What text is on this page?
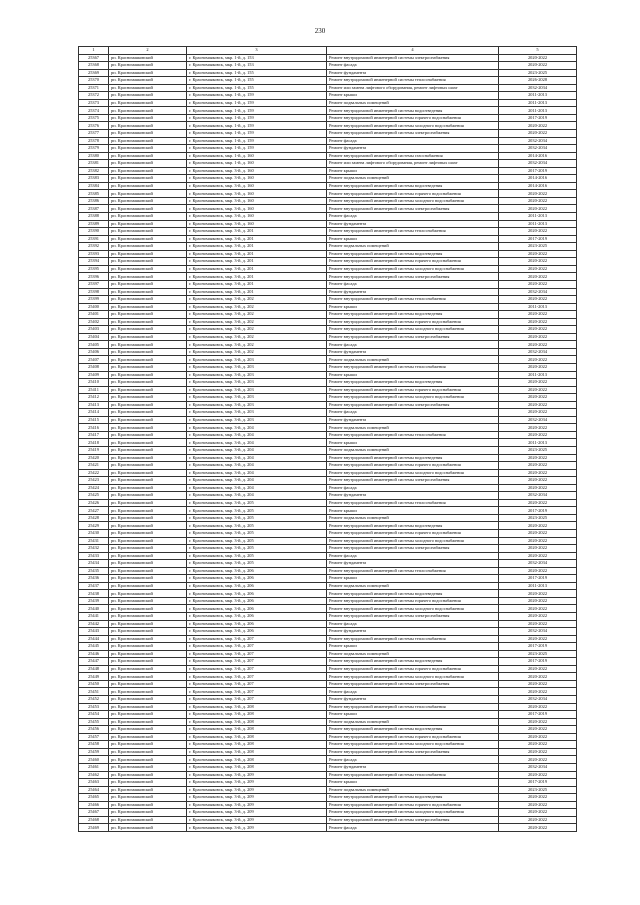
230
1	2	3	4	5
25367	рп. Красномаяковский	г. Красномаяковск, мкр. 1-й, д. 153	Ремонт внутридомовой инженерной системы электроснабжения	2020-2022
25368	рп. Красномаяковский	г. Красномаяковск, мкр. 1-й, д. 153	Ремонт фасада	2020-2022
25369	рп. Красномаяковский	г. Красномаяковск, мкр. 1-й, д. 155	Ремонт фундамента	2023-2025
25370	рп. Красномаяковский	г. Красномаяковск, мкр. 1-й, д. 155	Ремонт внутридомовой инженерной системы теплоснабжения	2026-2028
25371	рп. Красномаяковский	г. Красномаяковск, мкр. 1-й, д. 155	Ремонт или замена лифтового оборудования, ремонт лифтовых шахт	2032-2034
25372	рп. Красномаяковский	г. Красномаяковск, мкр. 1-й, д. 159	Ремонт крыши	2011-2013
25373	рп. Красномаяковский	г. Красномаяковск, мкр. 1-й, д. 159	Ремонт подвальных помещений	2011-2013
25374	рп. Красномаяковский	г. Красномаяковск, мкр. 1-й, д. 159	Ремонт внутридомовой инженерной системы водоотведения	2011-2013
25375	рп. Красномаяковский	г. Красномаяковск, мкр. 1-й, д. 159	Ремонт внутридомовой инженерной системы горячего водоснабжения	2017-2019
25376	рп. Красномаяковский	г. Красномаяковск, мкр. 1-й, д. 159	Ремонт внутридомовой инженерной системы холодного водоснабжения	2020-2022
25377	рп. Красномаяковский	г. Красномаяковск, мкр. 1-й, д. 159	Ремонт внутридомовой инженерной системы электроснабжения	2020-2022
25378	рп. Красномаяковский	г. Красномаяковск, мкр. 1-й, д. 159	Ремонт фасада	2032-2034
25379	рп. Красномаяковский	г. Красномаяковск, мкр. 1-й, д. 159	Ремонт фундамента	2032-2034
25380	рп. Красномаяковский	г. Красномаяковск, мкр. 1-й, д. 160	Ремонт внутридомовой инженерной системы газоснабжения	2014-2016
25381	рп. Красномаяковский	г. Красномаяковск, мкр. 1-й, д. 160	Ремонт или замена лифтового оборудования, ремонт лифтовых шахт	2032-2034
25382	рп. Красномаяковский	г. Красномаяковск, мкр. 3-й, д. 160	Ремонт крыши	2017-2019
25383	рп. Красномаяковский	г. Красномаяковск, мкр. 3-й, д. 160	Ремонт подвальных помещений	2014-2016
25384	рп. Красномаяковский	г. Красномаяковск, мкр. 3-й, д. 160	Ремонт внутридомовой инженерной системы водоотведения	2014-2016
25385	рп. Красномаяковский	г. Красномаяковск, мкр. 3-й, д. 160	Ремонт внутридомовой инженерной системы горячего водоснабжения	2020-2022
25386	рп. Красномаяковский	г. Красномаяковск, мкр. 3-й, д. 160	Ремонт внутридомовой инженерной системы холодного водоснабжения	2020-2022
25387	рп. Красномаяковский	г. Красномаяковск, мкр. 3-й, д. 160	Ремонт внутридомовой инженерной системы электроснабжения	2020-2022
25388	рп. Красномаяковский	г. Красномаяковск, мкр. 3-й, д. 160	Ремонт фасада	2011-2013
25389	рп. Красномаяковский	г. Красномаяковск, мкр. 3-й, д. 160	Ремонт фундамента	2011-2013
25390	рп. Красномаяковский	г. Красномаяковск, мкр. 3-й, д. 201	Ремонт внутридомовой инженерной системы теплоснабжения	2020-2022
25391	рп. Красномаяковский	г. Красномаяковск, мкр. 3-й, д. 201	Ремонт крыши	2017-2019
25392	рп. Красномаяковский	г. Красномаяковск, мкр. 3-й, д. 201	Ремонт подвальных помещений	2023-2025
25393	рп. Красномаяковский	г. Красномаяковск, мкр. 3-й, д. 201	Ремонт внутридомовой инженерной системы водоотведения	2020-2022
25394	рп. Красномаяковский	г. Красномаяковск, мкр. 3-й, д. 201	Ремонт внутридомовой инженерной системы горячего водоснабжения	2020-2022
25395	рп. Красномаяковский	г. Красномаяковск, мкр. 3-й, д. 201	Ремонт внутридомовой инженерной системы холодного водоснабжения	2020-2022
25396	рп. Красномаяковский	г. Красномаяковск, мкр. 3-й, д. 201	Ремонт внутридомовой инженерной системы электроснабжения	2020-2022
25397	рп. Красномаяковский	г. Красномаяковск, мкр. 3-й, д. 201	Ремонт фасада	2020-2022
25398	рп. Красномаяковский	г. Красномаяковск, мкр. 3-й, д. 201	Ремонт фундамента	2032-2034
25399	рп. Красномаяковский	г. Красномаяковск, мкр. 3-й, д. 202	Ремонт внутридомовой инженерной системы теплоснабжения	2020-2022
25400	рп. Красномаяковский	г. Красномаяковск, мкр. 3-й, д. 202	Ремонт крыши	2011-2013
25401	рп. Красномаяковский	г. Красномаяковск, мкр. 3-й, д. 202	Ремонт внутридомовой инженерной системы водоотведения	2020-2022
25402	рп. Красномаяковский	г. Красномаяковск, мкр. 3-й, д. 202	Ремонт внутридомовой инженерной системы горячего водоснабжения	2020-2022
25403	рп. Красномаяковский	г. Красномаяковск, мкр. 3-й, д. 202	Ремонт внутридомовой инженерной системы холодного водоснабжения	2020-2022
25404	рп. Красномаяковский	г. Красномаяковск, мкр. 3-й, д. 202	Ремонт внутридомовой инженерной системы электроснабжения	2020-2022
25405	рп. Красномаяковский	г. Красномаяковск, мкр. 3-й, д. 202	Ремонт фасада	2020-2022
25406	рп. Красномаяковский	г. Красномаяковск, мкр. 3-й, д. 202	Ремонт фундамента	2032-2034
25407	рп. Красномаяковский	г. Красномаяковск, мкр. 3-й, д. 203	Ремонт подвальных помещений	2020-2022
25408	рп. Красномаяковский	г. Красномаяковск, мкр. 3-й, д. 203	Ремонт внутридомовой инженерной системы теплоснабжения	2020-2022
25409	рп. Красномаяковский	г. Красномаяковск, мкр. 3-й, д. 203	Ремонт крыши	2011-2013
25410	рп. Красномаяковский	г. Красномаяковск, мкр. 3-й, д. 203	Ремонт внутридомовой инженерной системы водоотведения	2020-2022
25411	рп. Красномаяковский	г. Красномаяковск, мкр. 3-й, д. 203	Ремонт внутридомовой инженерной системы горячего водоснабжения	2020-2022
25412	рп. Красномаяковский	г. Красномаяковск, мкр. 3-й, д. 203	Ремонт внутридомовой инженерной системы холодного водоснабжения	2020-2022
25413	рп. Красномаяковский	г. Красномаяковск, мкр. 3-й, д. 203	Ремонт внутридомовой инженерной системы электроснабжения	2020-2022
25414	рп. Красномаяковский	г. Красномаяковск, мкр. 3-й, д. 203	Ремонт фасада	2020-2022
25415	рп. Красномаяковский	г. Красномаяковск, мкр. 3-й, д. 203	Ремонт фундамента	2032-2034
25416	рп. Красномаяковский	г. Красномаяковск, мкр. 3-й, д. 204	Ремонт подвальных помещений	2020-2022
25417	рп. Красномаяковский	г. Красномаяковск, мкр. 3-й, д. 204	Ремонт внутридомовой инженерной системы теплоснабжения	2020-2022
25418	рп. Красномаяковский	г. Красномаяковск, мкр. 3-й, д. 204	Ремонт крыши	2011-2013
25419	рп. Красномаяковский	г. Красномаяковск, мкр. 3-й, д. 204	Ремонт подвальных помещений	2023-2025
25420	рп. Красномаяковский	г. Красномаяковск, мкр. 3-й, д. 204	Ремонт внутридомовой инженерной системы водоотведения	2020-2022
25421	рп. Красномаяковский	г. Красномаяковск, мкр. 3-й, д. 204	Ремонт внутридомовой инженерной системы горячего водоснабжения	2020-2022
25422	рп. Красномаяковский	г. Красномаяковск, мкр. 3-й, д. 204	Ремонт внутридомовой инженерной системы холодного водоснабжения	2020-2022
25423	рп. Красномаяковский	г. Красномаяковск, мкр. 3-й, д. 204	Ремонт внутридомовой инженерной системы электроснабжения	2020-2022
25424	рп. Красномаяковский	г. Красномаяковск, мкр. 3-й, д. 204	Ремонт фасада	2020-2022
25425	рп. Красномаяковский	г. Красномаяковск, мкр. 3-й, д. 204	Ремонт фундамента	2032-2034
25426	рп. Красномаяковский	г. Красномаяковск, мкр. 3-й, д. 205	Ремонт внутридомовой инженерной системы теплоснабжения	2020-2022
25427	рп. Красномаяковский	г. Красномаяковск, мкр. 3-й, д. 205	Ремонт крыши	2017-2019
25428	рп. Красномаяковский	г. Красномаяковск, мкр. 3-й, д. 205	Ремонт подвальных помещений	2023-2025
25429	рп. Красномаяковский	г. Красномаяковск, мкр. 3-й, д. 205	Ремонт внутридомовой инженерной системы водоотведения	2020-2022
25430	рп. Красномаяковский	г. Красномаяковск, мкр. 3-й, д. 205	Ремонт внутридомовой инженерной системы горячего водоснабжения	2020-2022
25431	рп. Красномаяковский	г. Красномаяковск, мкр. 3-й, д. 205	Ремонт внутридомовой инженерной системы холодного водоснабжения	2020-2022
25432	рп. Красномаяковский	г. Красномаяковск, мкр. 3-й, д. 205	Ремонт внутридомовой инженерной системы электроснабжения	2020-2022
25433	рп. Красномаяковский	г. Красномаяковск, мкр. 3-й, д. 205	Ремонт фасада	2020-2022
25434	рп. Красномаяковский	г. Красномаяковск, мкр. 3-й, д. 205	Ремонт фундамента	2032-2034
25435	рп. Красномаяковский	г. Красномаяковск, мкр. 3-й, д. 206	Ремонт внутридомовой инженерной системы теплоснабжения	2020-2022
25436	рп. Красномаяковский	г. Красномаяковск, мкр. 3-й, д. 206	Ремонт крыши	2017-2019
25437	рп. Красномаяковский	г. Красномаяковск, мкр. 3-й, д. 206	Ремонт подвальных помещений	2011-2013
25438	рп. Красномаяковский	г. Красномаяковск, мкр. 3-й, д. 206	Ремонт внутридомовой инженерной системы водоотведения	2020-2022
25439	рп. Красномаяковский	г. Красномаяковск, мкр. 3-й, д. 206	Ремонт внутридомовой инженерной системы горячего водоснабжения	2020-2022
25440	рп. Красномаяковский	г. Красномаяковск, мкр. 3-й, д. 206	Ремонт внутридомовой инженерной системы холодного водоснабжения	2020-2022
25441	рп. Красномаяковский	г. Красномаяковск, мкр. 3-й, д. 206	Ремонт внутридомовой инженерной системы электроснабжения	2020-2022
25442	рп. Красномаяковский	г. Красномаяковск, мкр. 3-й, д. 206	Ремонт фасада	2020-2022
25443	рп. Красномаяковский	г. Красномаяковск, мкр. 3-й, д. 206	Ремонт фундамента	2032-2034
25444	рп. Красномаяковский	г. Красномаяковск, мкр. 3-й, д. 207	Ремонт внутридомовой инженерной системы теплоснабжения	2020-2022
25445	рп. Красномаяковский	г. Красномаяковск, мкр. 3-й, д. 207	Ремонт крыши	2017-2019
25446	рп. Красномаяковский	г. Красномаяковск, мкр. 3-й, д. 207	Ремонт подвальных помещений	2023-2025
25447	рп. Красномаяковский	г. Красномаяковск, мкр. 3-й, д. 207	Ремонт внутридомовой инженерной системы водоотведения	2017-2019
25448	рп. Красномаяковский	г. Красномаяковск, мкр. 3-й, д. 207	Ремонт внутридомовой инженерной системы горячего водоснабжения	2020-2022
25449	рп. Красномаяковский	г. Красномаяковск, мкр. 3-й, д. 207	Ремонт внутридомовой инженерной системы холодного водоснабжения	2020-2022
25450	рп. Красномаяковский	г. Красномаяковск, мкр. 3-й, д. 207	Ремонт внутридомовой инженерной системы электроснабжения	2020-2022
25451	рп. Красномаяковский	г. Красномаяковск, мкр. 3-й, д. 207	Ремонт фасада	2020-2022
25452	рп. Красномаяковский	г. Красномаяковск, мкр. 3-й, д. 207	Ремонт фундамента	2032-2034
25453	рп. Красномаяковский	г. Красномаяковск, мкр. 3-й, д. 208	Ремонт внутридомовой инженерной системы теплоснабжения	2020-2022
25454	рп. Красномаяковский	г. Красномаяковск, мкр. 3-й, д. 208	Ремонт крыши	2017-2019
25455	рп. Красномаяковский	г. Красномаяковск, мкр. 3-й, д. 208	Ремонт подвальных помещений	2020-2022
25456	рп. Красномаяковский	г. Красномаяковск, мкр. 3-й, д. 208	Ремонт внутридомовой инженерной системы водоотведения	2020-2022
25457	рп. Красномаяковский	г. Красномаяковск, мкр. 3-й, д. 208	Ремонт внутридомовой инженерной системы горячего водоснабжения	2020-2022
25458	рп. Красномаяковский	г. Красномаяковск, мкр. 3-й, д. 208	Ремонт внутридомовой инженерной системы холодного водоснабжения	2020-2022
25459	рп. Красномаяковский	г. Красномаяковск, мкр. 3-й, д. 208	Ремонт внутридомовой инженерной системы электроснабжения	2020-2022
25460	рп. Красномаяковский	г. Красномаяковск, мкр. 3-й, д. 208	Ремонт фасада	2020-2022
25461	рп. Красномаяковский	г. Красномаяковск, мкр. 3-й, д. 208	Ремонт фундамента	2032-2034
25462	рп. Красномаяковский	г. Красномаяковск, мкр. 3-й, д. 209	Ремонт внутридомовой инженерной системы теплоснабжения	2020-2022
25463	рп. Красномаяковский	г. Красномаяковск, мкр. 3-й, д. 209	Ремонт крыши	2017-2019
25464	рп. Красномаяковский	г. Красномаяковск, мкр. 3-й, д. 209	Ремонт подвальных помещений	2023-2025
25465	рп. Красномаяковский	г. Красномаяковск, мкр. 3-й, д. 209	Ремонт внутридомовой инженерной системы водоотведения	2020-2022
25466	рп. Красномаяковский	г. Красномаяковск, мкр. 3-й, д. 209	Ремонт внутридомовой инженерной системы горячего водоснабжения	2020-2022
25467	рп. Красномаяковский	г. Красномаяковск, мкр. 3-й, д. 209	Ремонт внутридомовой инженерной системы холодного водоснабжения	2020-2022
25468	рп. Красномаяковский	г. Красномаяковск, мкр. 3-й, д. 209	Ремонт внутридомовой инженерной системы электроснабжения	2020-2022
25469	рп. Красномаяковский	г. Красномаяковск, мкр. 3-й, д. 209	Ремонт фасада	2020-2022
